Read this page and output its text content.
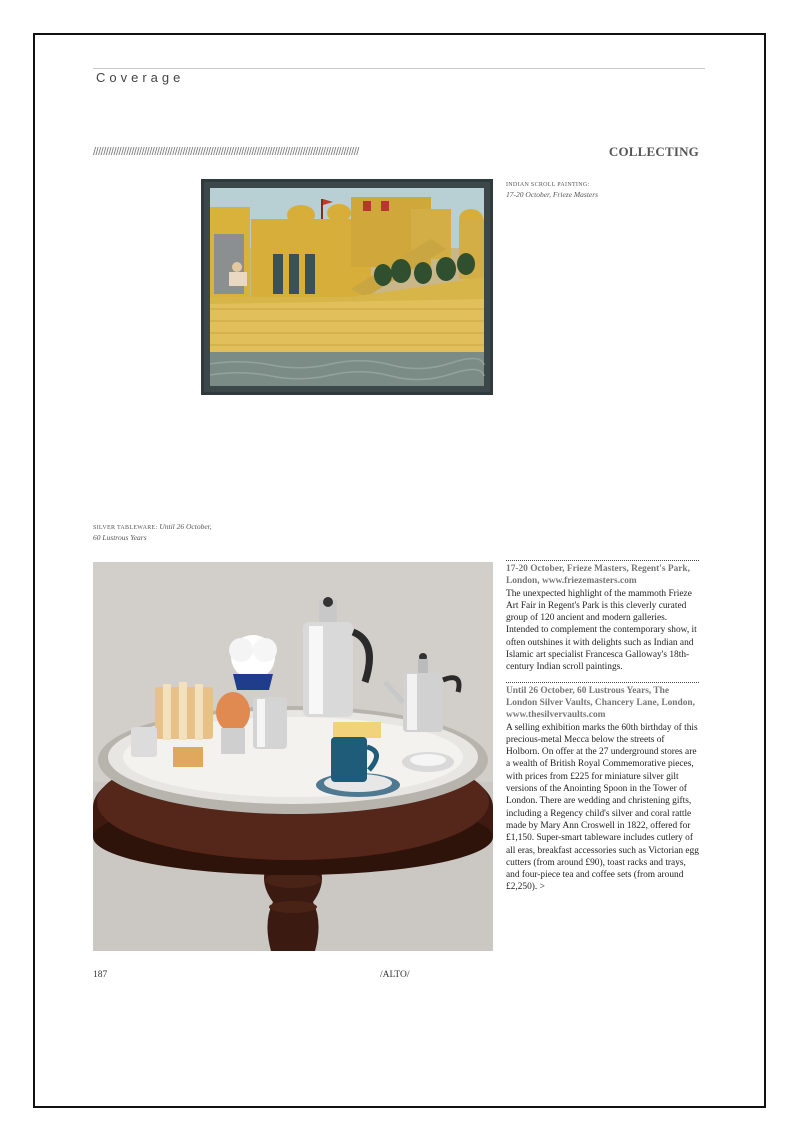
Coverage
////////////////////////////////////////////////////////////////////////////////////////////////////////	COLLECTING
INDIAN SCROLL PAINTING:
17-20 October, Frieze Masters
SILVER TABLEWARE: Until 26 October,
60 Lustrous Years
17-20 October, Frieze Masters, Regent's Park, London, www.friezemasters.com
The unexpected highlight of the mammoth Frieze Art Fair in Regent's Park is this cleverly curated group of 120 ancient and modern galleries. Intended to complement the contemporary show, it often outshines it with delights such as Indian and Islamic art specialist Francesca Galloway's 18th-century Indian scroll paintings.
Until 26 October, 60 Lustrous Years, The London Silver Vaults, Chancery Lane, London, www.thesilvervaults.com
A selling exhibition marks the 60th birthday of this precious-metal Mecca below the streets of Holborn. On offer at the 27 underground stores are a wealth of British Royal Commemorative pieces, with prices from £225 for miniature silver gilt versions of the Anointing Spoon in the Tower of London. There are wedding and christening gifts, including a Regency child's silver and coral rattle made by Mary Ann Croswell in 1822, offered for £1,150. Super-smart tableware includes cutlery of all eras, breakfast accessories such as Victorian egg cutters (from around £90), toast racks and trays, and four-piece tea and coffee sets (from around £2,250). >
187	/ALTO/
